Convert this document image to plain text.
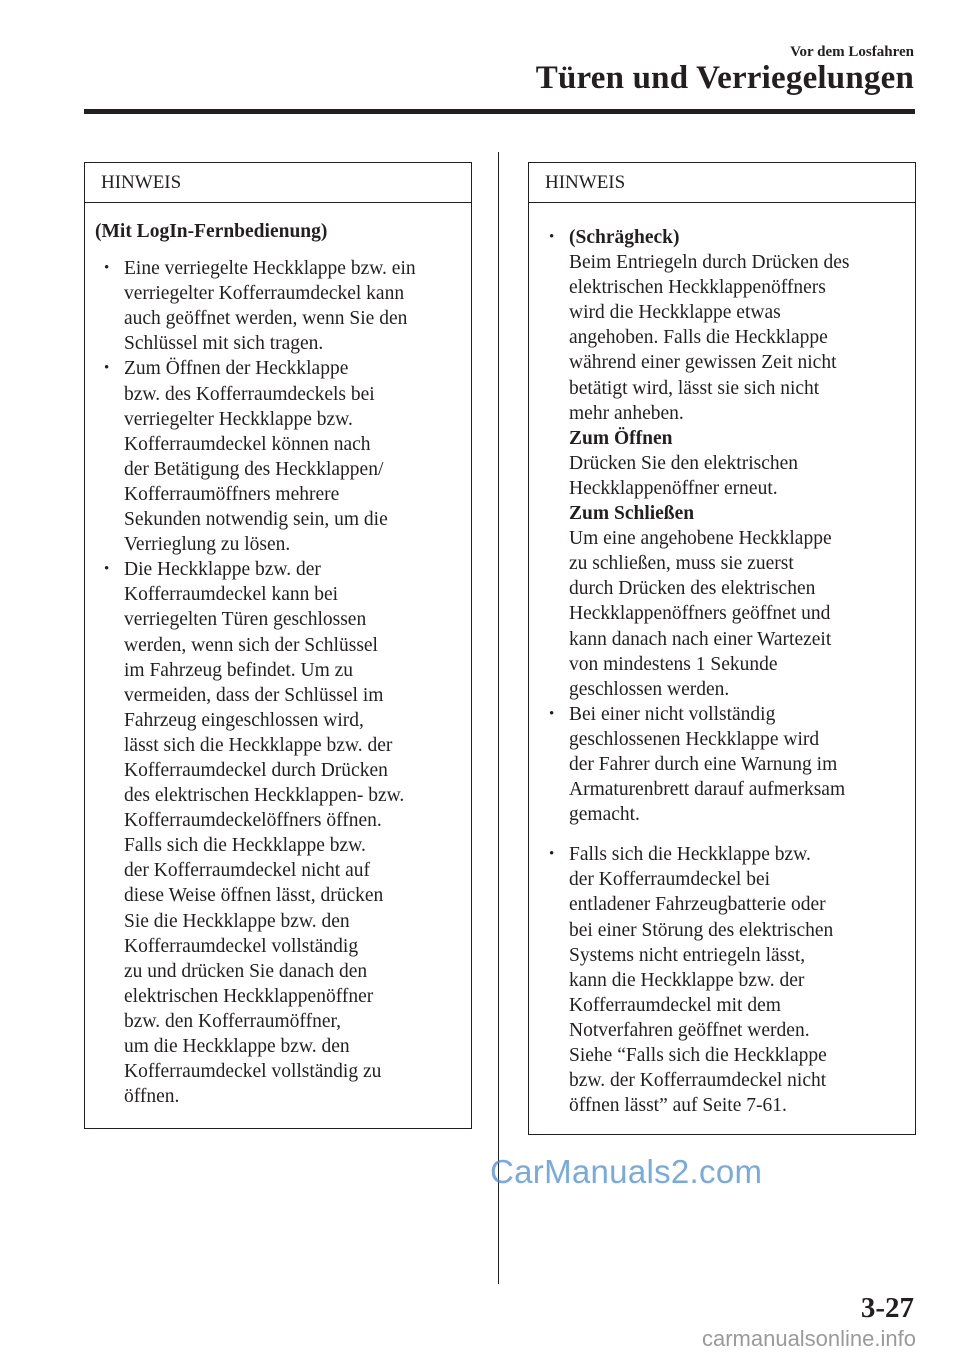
Vor dem Losfahren
Türen und Verriegelungen
HINWEIS
(Mit LogIn-Fernbedienung)
• Eine verriegelte Heckklappe bzw. ein
verriegelter Kofferraumdeckel kann
auch geöffnet werden, wenn Sie den
Schlüssel mit sich tragen.
• Zum Öffnen der Heckklappe
bzw. des Kofferraumdeckels bei
verriegelter Heckklappe bzw.
Kofferraumdeckel können nach
der Betätigung des Heckklappen/
Kofferraumöffners mehrere
Sekunden notwendig sein, um die
Verrieglung zu lösen.
• Die Heckklappe bzw. der
Kofferraumdeckel kann bei
verriegelten Türen geschlossen
werden, wenn sich der Schlüssel
im Fahrzeug befindet. Um zu
vermeiden, dass der Schlüssel im
Fahrzeug eingeschlossen wird,
lässt sich die Heckklappe bzw. der
Kofferraumdeckel durch Drücken
des elektrischen Heckklappen- bzw.
Kofferraumdeckelöffners öffnen.
Falls sich die Heckklappe bzw.
der Kofferraumdeckel nicht auf
diese Weise öffnen lässt, drücken
Sie die Heckklappe bzw. den
Kofferraumdeckel vollständig
zu und drücken Sie danach den
elektrischen Heckklappenöffner
bzw. den Kofferraumöffner,
um die Heckklappe bzw. den
Kofferraumdeckel vollständig zu
öffnen.
HINWEIS
• (Schrägheck)
Beim Entriegeln durch Drücken des
elektrischen Heckklappenöffners
wird die Heckklappe etwas
angehoben. Falls die Heckklappe
während einer gewissen Zeit nicht
betätigt wird, lässt sie sich nicht
mehr anheben.
Zum Öffnen
Drücken Sie den elektrischen
Heckklappenöffner erneut.
Zum Schließen
Um eine angehobene Heckklappe
zu schließen, muss sie zuerst
durch Drücken des elektrischen
Heckklappenöffners geöffnet und
kann danach nach einer Wartezeit
von mindestens 1 Sekunde
geschlossen werden.
• Bei einer nicht vollständig
geschlossenen Heckklappe wird
der Fahrer durch eine Warnung im
Armaturenbrett darauf aufmerksam
gemacht.
• Falls sich die Heckklappe bzw.
der Kofferraumdeckel bei
entladener Fahrzeugbatterie oder
bei einer Störung des elektrischen
Systems nicht entriegeln lässt,
kann die Heckklappe bzw. der
Kofferraumdeckel mit dem
Notverfahren geöffnet werden.
Siehe “Falls sich die Heckklappe
bzw. der Kofferraumdeckel nicht
öffnen lässt” auf Seite 7-61.
CarManuals2.com
3-27
carmanualsonline.info
